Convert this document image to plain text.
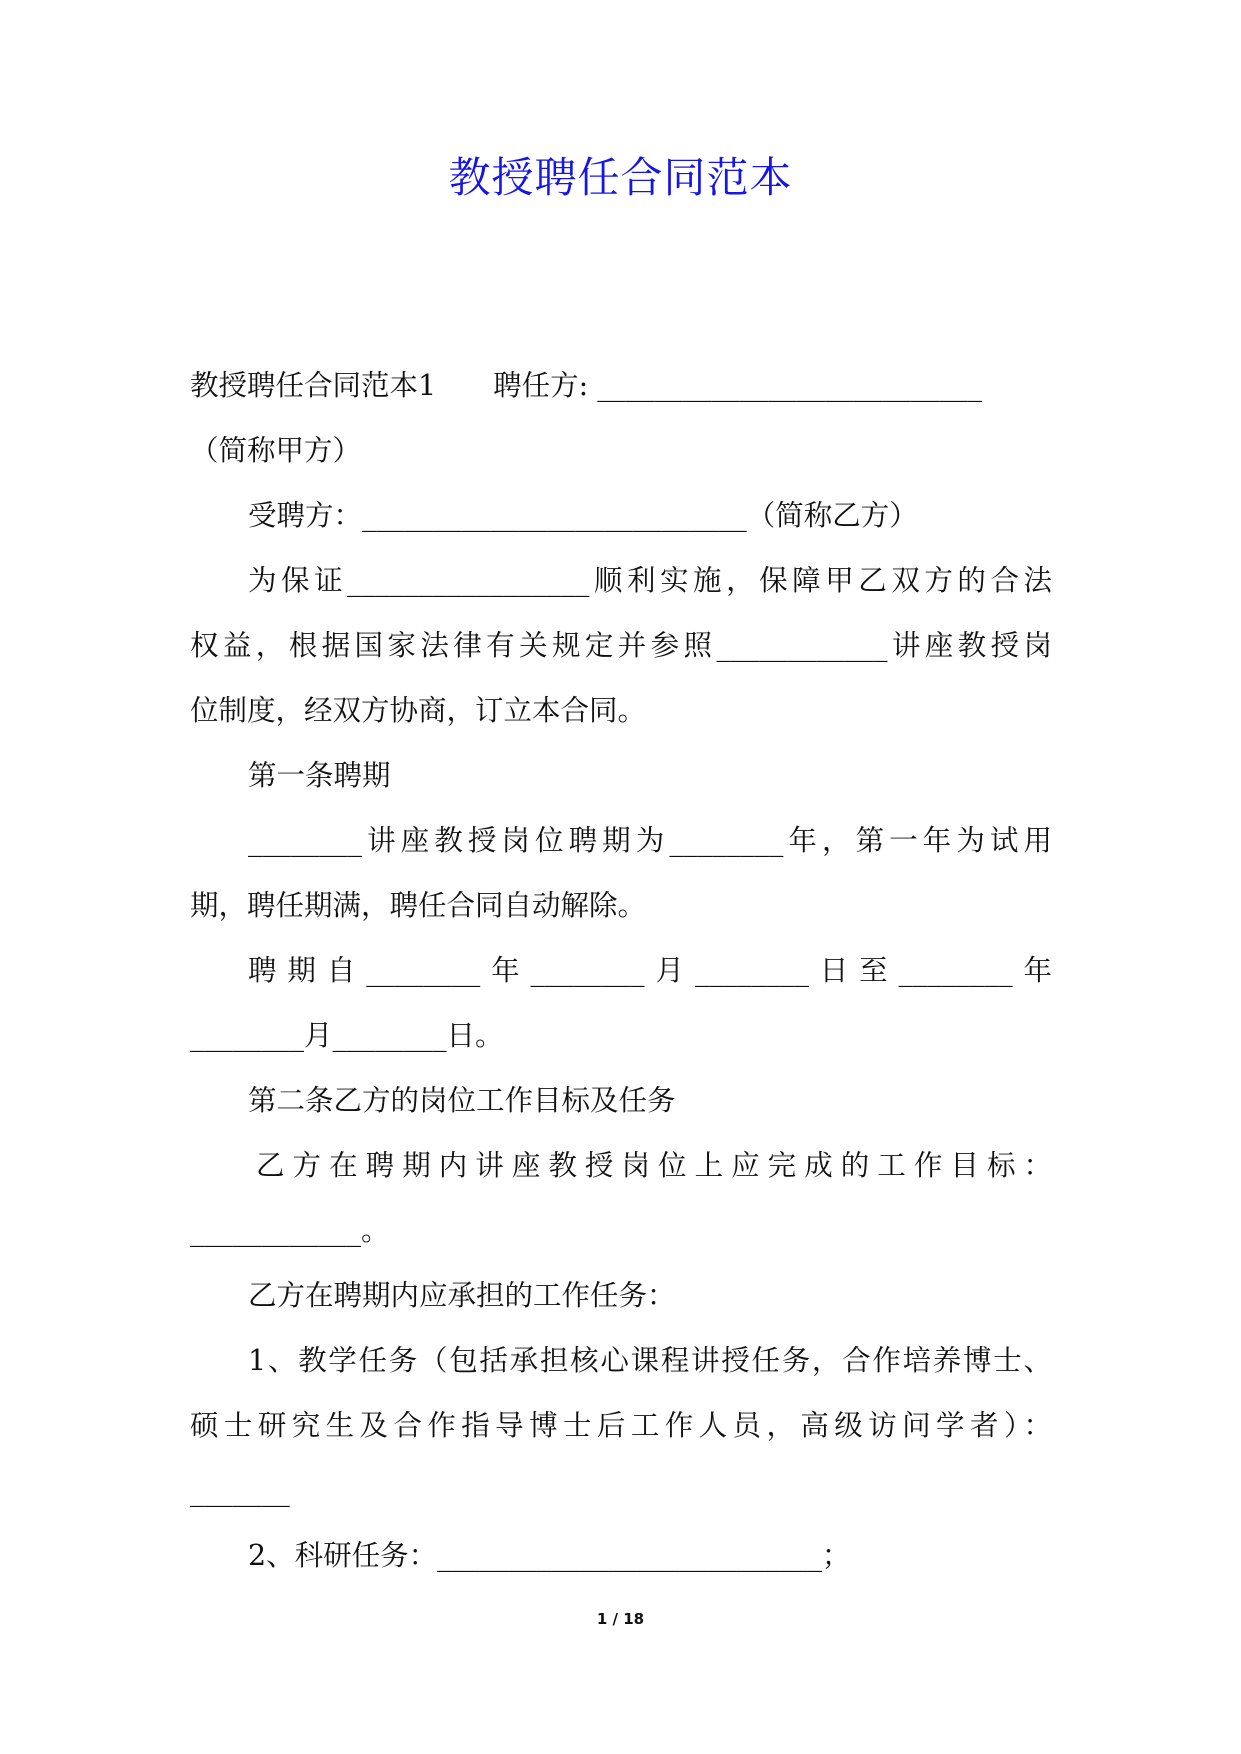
教授聘任合同范本
教授聘任合同范本1　　聘任方: ___________________________
（简称甲方）
受聘方：___________________________（简称乙方）
为保证_________________顺利实施，保障甲乙双方的合法
权益，根据国家法律有关规定并参照____________讲座教授岗
位制度，经双方协商，订立本合同。
第一条聘期
________讲座教授岗位聘期为________年，第一年为试用
期，聘任期满，聘任合同自动解除。
聘期自________年________月________日至________年
________月________日。
第二条乙方的岗位工作目标及任务
乙方在聘期内讲座教授岗位上应完成的工作目标：
____________。
乙方在聘期内应承担的工作任务：
1、教学任务（包括承担核心课程讲授任务，合作培养博士、
硕士研究生及合作指导博士后工作人员，高级访问学者）：
_______
2、科研任务：___________________________；
1 / 18
